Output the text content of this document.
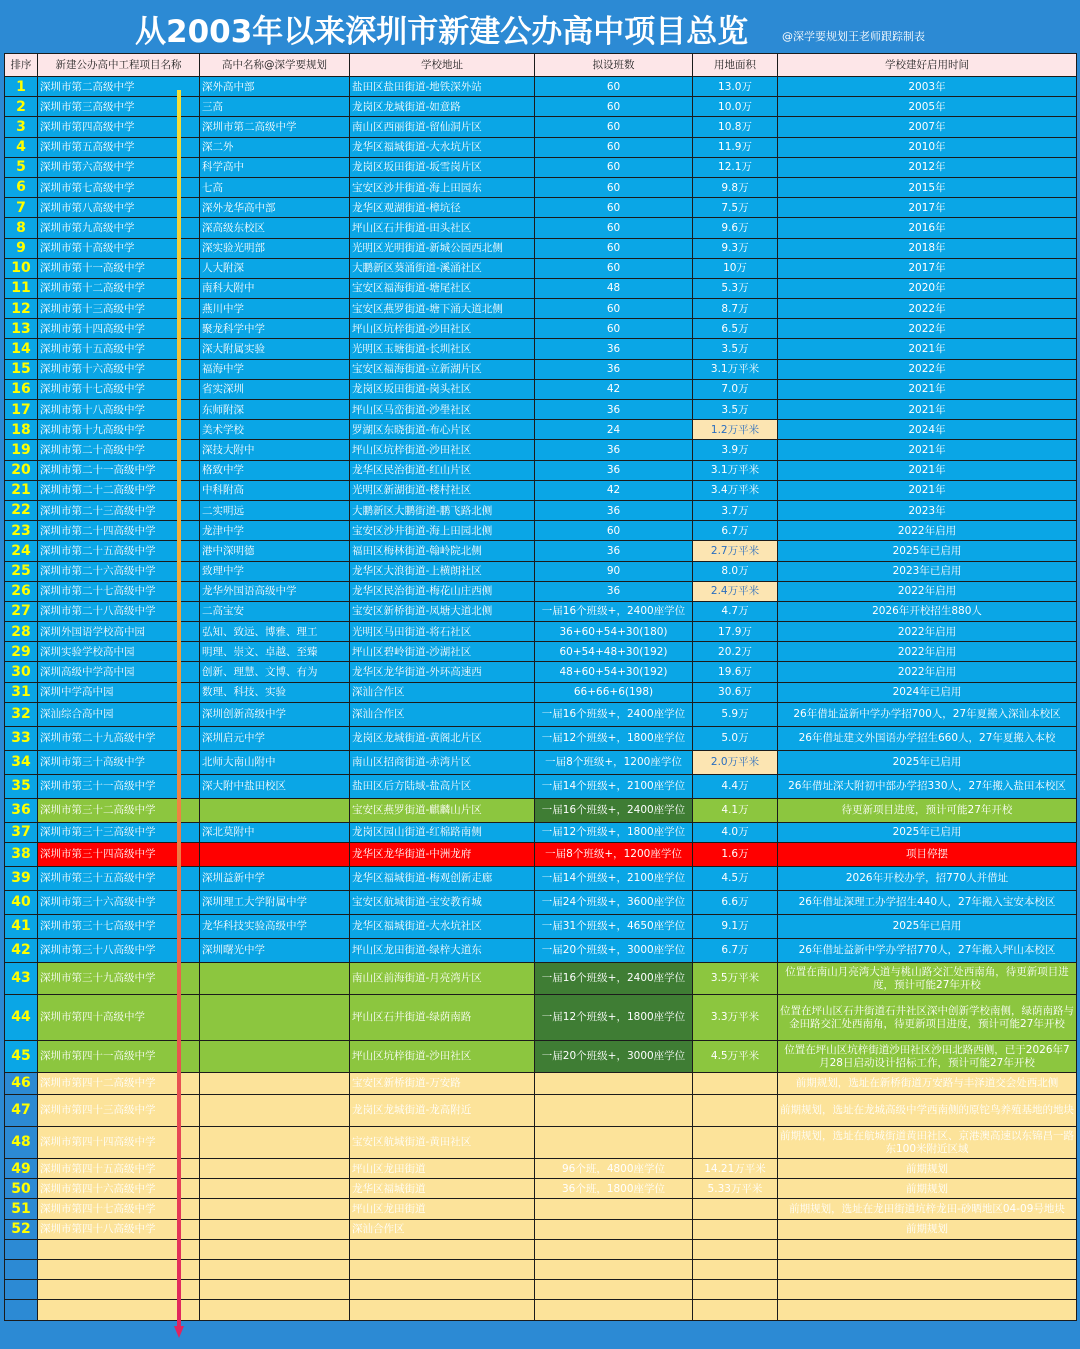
从2003年以来深圳市新建公办高中项目总览	@深学要规划王老师跟踪制表
排序	新建公办高中工程项目名称	高中名称@深学要规划	学校地址	拟设班数	用地面积	学校建好启用时间
1	深圳市第二高级中学	深外高中部	盐田区盐田街道-地铁深外站	60	13.0万	2003年
2	深圳市第三高级中学	三高	龙岗区龙城街道-如意路	60	10.0万	2005年
3	深圳市第四高级中学	深圳市第二高级中学	南山区西丽街道-留仙洞片区	60	10.8万	2007年
4	深圳市第五高级中学	深二外	龙华区福城街道-大水坑片区	60	11.9万	2010年
5	深圳市第六高级中学	科学高中	龙岗区坂田街道-坂雪岗片区	60	12.1万	2012年
6	深圳市第七高级中学	七高	宝安区沙井街道-海上田园东	60	9.8万	2015年
7	深圳市第八高级中学	深外龙华高中部	龙华区观湖街道-樟坑径	60	7.5万	2017年
8	深圳市第九高级中学	深高级东校区	坪山区石井街道-田头社区	60	9.6万	2016年
9	深圳市第十高级中学	深实验光明部	光明区光明街道-新城公园西北侧	60	9.3万	2018年
10	深圳市第十一高级中学	人大附深	大鹏新区葵涌街道-溪涌社区	60	10万	2017年
11	深圳市第十二高级中学	南科大附中	宝安区福海街道-塘尾社区	48	5.3万	2020年
12	深圳市第十三高级中学	燕川中学	宝安区燕罗街道-塘下涌大道北侧	60	8.7万	2022年
13	深圳市第十四高级中学	聚龙科学中学	坪山区坑梓街道-沙田社区	60	6.5万	2022年
14	深圳市第十五高级中学	深大附属实验	光明区玉塘街道-长圳社区	36	3.5万	2021年
15	深圳市第十六高级中学	福海中学	宝安区福海街道-立新湖片区	36	3.1万平米	2022年
16	深圳市第十七高级中学	省实深圳	龙岗区坂田街道-岗头社区	42	7.0万	2021年
17	深圳市第十八高级中学	东师附深	坪山区马峦街道-沙壆社区	36	3.5万	2021年
18	深圳市第十九高级中学	美术学校	罗湖区东晓街道-布心片区	24	1.2万平米	2024年
19	深圳市第二十高级中学	深技大附中	坪山区坑梓街道-沙田社区	36	3.9万	2021年
20	深圳市第二十一高级中学	格致中学	龙华区民治街道-红山片区	36	3.1万平米	2021年
21	深圳市第二十二高级中学	中科附高	光明区新湖街道-楼村社区	42	3.4万平米	2021年
22	深圳市第二十三高级中学	二实明远	大鹏新区大鹏街道-鹏飞路北侧	36	3.7万	2023年
23	深圳市第二十四高级中学	龙津中学	宝安区沙井街道-海上田园北侧	60	6.7万	2022年启用
24	深圳市第二十五高级中学	港中深明德	福田区梅林街道-翰岭院北侧	36	2.7万平米	2025年已启用
25	深圳市第二十六高级中学	致理中学	龙华区大浪街道-上横朗社区	90	8.0万	2023年已启用
26	深圳市第二十七高级中学	龙华外国语高级中学	龙华区民治街道-梅花山庄西侧	36	2.4万平米	2022年启用
27	深圳市第二十八高级中学	二高宝安	宝安区新桥街道-凤塘大道北侧	一届16个班级+，2400座学位	4.7万	2026年开校招生880人
28	深圳外国语学校高中园	弘知、致远、博雅、理工	光明区马田街道-将石社区	36+60+54+30(180)	17.9万	2022年启用
29	深圳实验学校高中园	明理、崇文、卓越、至臻	坪山区碧岭街道-沙湖社区	60+54+48+30(192)	20.2万	2022年启用
30	深圳高级中学高中园	创新、理慧、文博、有为	龙华区龙华街道-外环高速西	48+60+54+30(192)	19.6万	2022年启用
31	深圳中学高中园	数理、科技、实验	深汕合作区	66+66+6(198)	30.6万	2024年已启用
32	深汕综合高中园	深圳创新高级中学	深汕合作区	一届16个班级+，2400座学位	5.9万	26年借址益新中学办学招700人，27年夏搬入深汕本校区
33	深圳市第二十九高级中学	深圳启元中学	龙岗区龙城街道-黄阁北片区	一届12个班级+，1800座学位	5.0万	26年借址建文外国语办学招生660人，27年夏搬入本校
34	深圳市第三十高级中学	北师大南山附中	南山区招商街道-赤湾片区	一届8个班级+，1200座学位	2.0万平米	2025年已启用
35	深圳市第三十一高级中学	深大附中盐田校区	盐田区后方陆域-盐高片区	一届14个班级+，2100座学位	4.4万	26年借址深大附初中部办学招330人，27年搬入盐田本校区
36	深圳市第三十二高级中学		宝安区燕罗街道-麒麟山片区	一届16个班级+，2400座学位	4.1万	待更新项目进度，预计可能27年开校
37	深圳市第三十三高级中学	深北莫附中	龙岗区园山街道-红棉路南侧	一届12个班级+，1800座学位	4.0万	2025年已启用
38	深圳市第三十四高级中学		龙华区龙华街道-中洲龙府	一届8个班级+，1200座学位	1.6万	项目停摆
39	深圳市第三十五高级中学	深圳益新中学	龙华区福城街道-梅观创新走廊	一届14个班级+，2100座学位	4.5万	2026年开校办学，招770人并借址
40	深圳市第三十六高级中学	深圳理工大学附属中学	宝安区航城街道-宝安教育城	一届24个班级+，3600座学位	6.6万	26年借址深理工办学招生440人，27年搬入宝安本校区
41	深圳市第三十七高级中学	龙华科技实验高级中学	龙华区福城街道-大水坑社区	一届31个班级+，4650座学位	9.1万	2025年已启用
42	深圳市第三十八高级中学	深圳曙光中学	坪山区龙田街道-绿梓大道东	一届20个班级+，3000座学位	6.7万	26年借址益新中学办学招770人，27年搬入坪山本校区
43	深圳市第三十九高级中学		南山区前海街道-月亮湾片区	一届16个班级+，2400座学位	3.5万平米	位置在南山月亮湾大道与桃山路交汇处西南角，待更新项目进度，预计可能27年开校
44	深圳市第四十高级中学		坪山区石井街道-绿荫南路	一届12个班级+，1800座学位	3.3万平米	位置在坪山区石井街道石井社区深中创新学校南侧，绿荫南路与金田路交汇处西南角，待更新项目进度，预计可能27年开校
45	深圳市第四十一高级中学		坪山区坑梓街道-沙田社区	一届20个班级+，3000座学位	4.5万平米	位置在坪山区坑梓街道沙田社区沙田北路西侧，已于2026年7月28日启动设计招标工作，预计可能27年开校
46	深圳市第四十二高级中学		宝安区新桥街道-万安路			前期规划，选址在新桥街道万安路与丰泽道交会处西北侧
47	深圳市第四十三高级中学		龙岗区龙城街道-龙高附近			前期规划，选址在龙城高级中学西南侧的原铊鸟养殖基地的地块
48	深圳市第四十四高级中学		宝安区航城街道-黄田社区			前期规划，选址在航城街道黄田社区、京港澳高速以东锦昌一路东100米附近区域
49	深圳市第四十五高级中学		坪山区龙田街道	96个班，4800座学位	14.21万平米	前期规划
50	深圳市第四十六高级中学		龙华区福城街道	36个班，1800座学位	5.33万平米	前期规划
51	深圳市第四十七高级中学		坪山区龙田街道			前期规划，选址在龙田街道坑梓龙田-砂晒地区04-09号地块
52	深圳市第四十八高级中学		深汕合作区			前期规划
